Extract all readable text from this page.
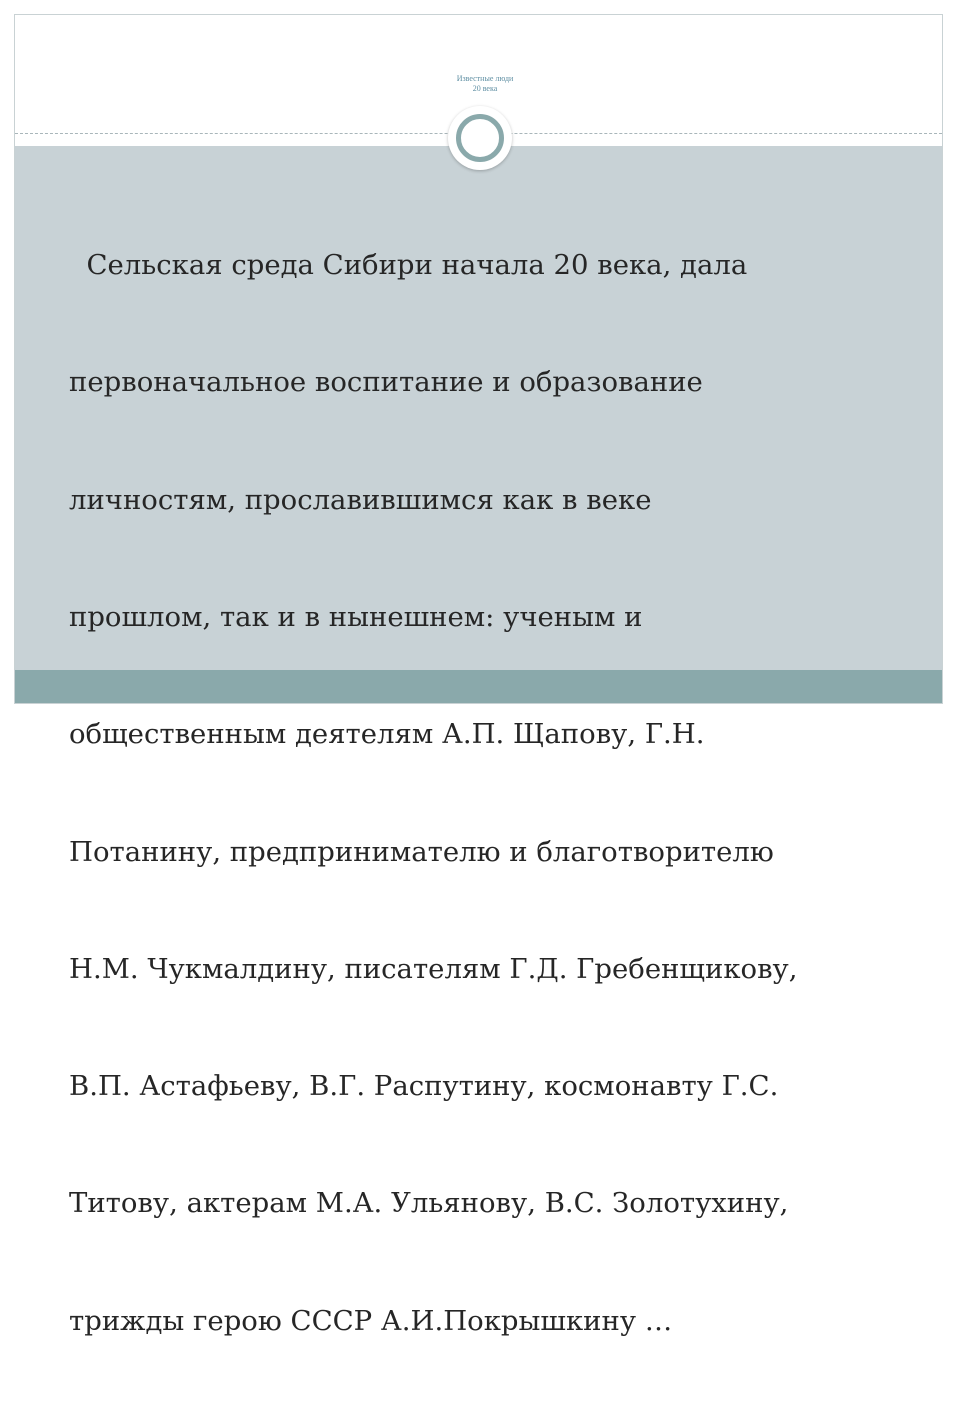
Известные люди
20 века

Сельская среда Сибири начала 20 века, дала

первоначальное воспитание и образование

личностям, прославившимся как в веке

прошлом, так и в нынешнем: ученым и

общественным деятелям А.П. Щапову, Г.Н.

Потанину, предпринимателю и благотворителю

Н.М. Чукмалдину, писателям Г.Д. Гребенщикову,

В.П. Астафьеву, В.Г. Распутину, космонавту Г.С.

Титову, актерам М.А. Ульянову, В.С. Золотухину,

трижды герою СССР А.И.Покрышкину …
